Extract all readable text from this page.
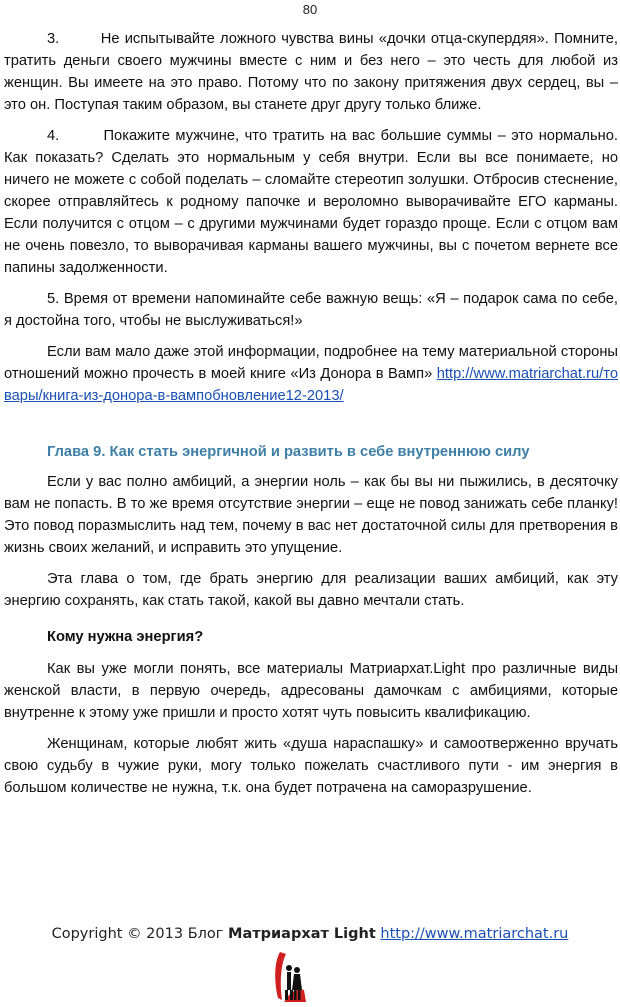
80

3.	Не испытывайте ложного чувства вины «дочки отца-скупердяя». Помните, тратить деньги своего мужчины вместе с ним и без него – это честь для любой из женщин. Вы имеете на это право. Потому что по закону притяжения двух сердец, вы – это он. Поступая таким образом, вы станете друг другу только ближе.

4.	Покажите мужчине, что тратить на вас большие суммы – это нормально. Как показать? Сделать это нормальным у себя внутри. Если вы все понимаете, но ничего не можете с собой поделать – сломайте стереотип золушки. Отбросив стеснение, скорее отправляйтесь к родному папочке и вероломно выворачивайте ЕГО карманы. Если получится с отцом – с другими мужчинами будет гораздо проще. Если с отцом вам не очень повезло, то выворачивая карманы вашего мужчины, вы с почетом вернете все папины задолженности.

5. Время от времени напоминайте себе важную вещь: «Я – подарок сама по себе, я достойна того, чтобы не выслуживаться!»

Если вам мало даже этой информации, подробнее на тему материальной стороны отношений можно прочесть в моей книге «Из Донора в Вамп» http://www.matriarchat.ru/товары/книга-из-донора-в-вампобновление12-2013/

Глава 9. Как стать энергичной и развить в себе внутреннюю силу

Если у вас полно амбиций, а энергии ноль – как бы вы ни пыжились, в десяточку вам не попасть. В то же время отсутствие энергии – еще не повод занижать себе планку! Это повод поразмыслить над тем, почему в вас нет достаточной силы для претворения в жизнь своих желаний, и исправить это упущение.

Эта глава о том, где брать энергию для реализации ваших амбиций, как эту энергию сохранять, как стать такой, какой вы давно мечтали стать.

Кому нужна энергия?

Как вы уже могли понять, все материалы Матриархат.Light про различные виды женской власти, в первую очередь, адресованы дамочкам с амбициями, которые внутренне к этому уже пришли и просто хотят чуть повысить квалификацию.

Женщинам, которые любят жить «душа нараспашку» и самоотверженно вручать свою судьбу в чужие руки, могу только пожелать счастливого пути - им энергия в большом количестве не нужна, т.к. она будет потрачена на саморазрушение.

Copyright © 2013 Блог Матриархат Light http://www.matriarchat.ru
